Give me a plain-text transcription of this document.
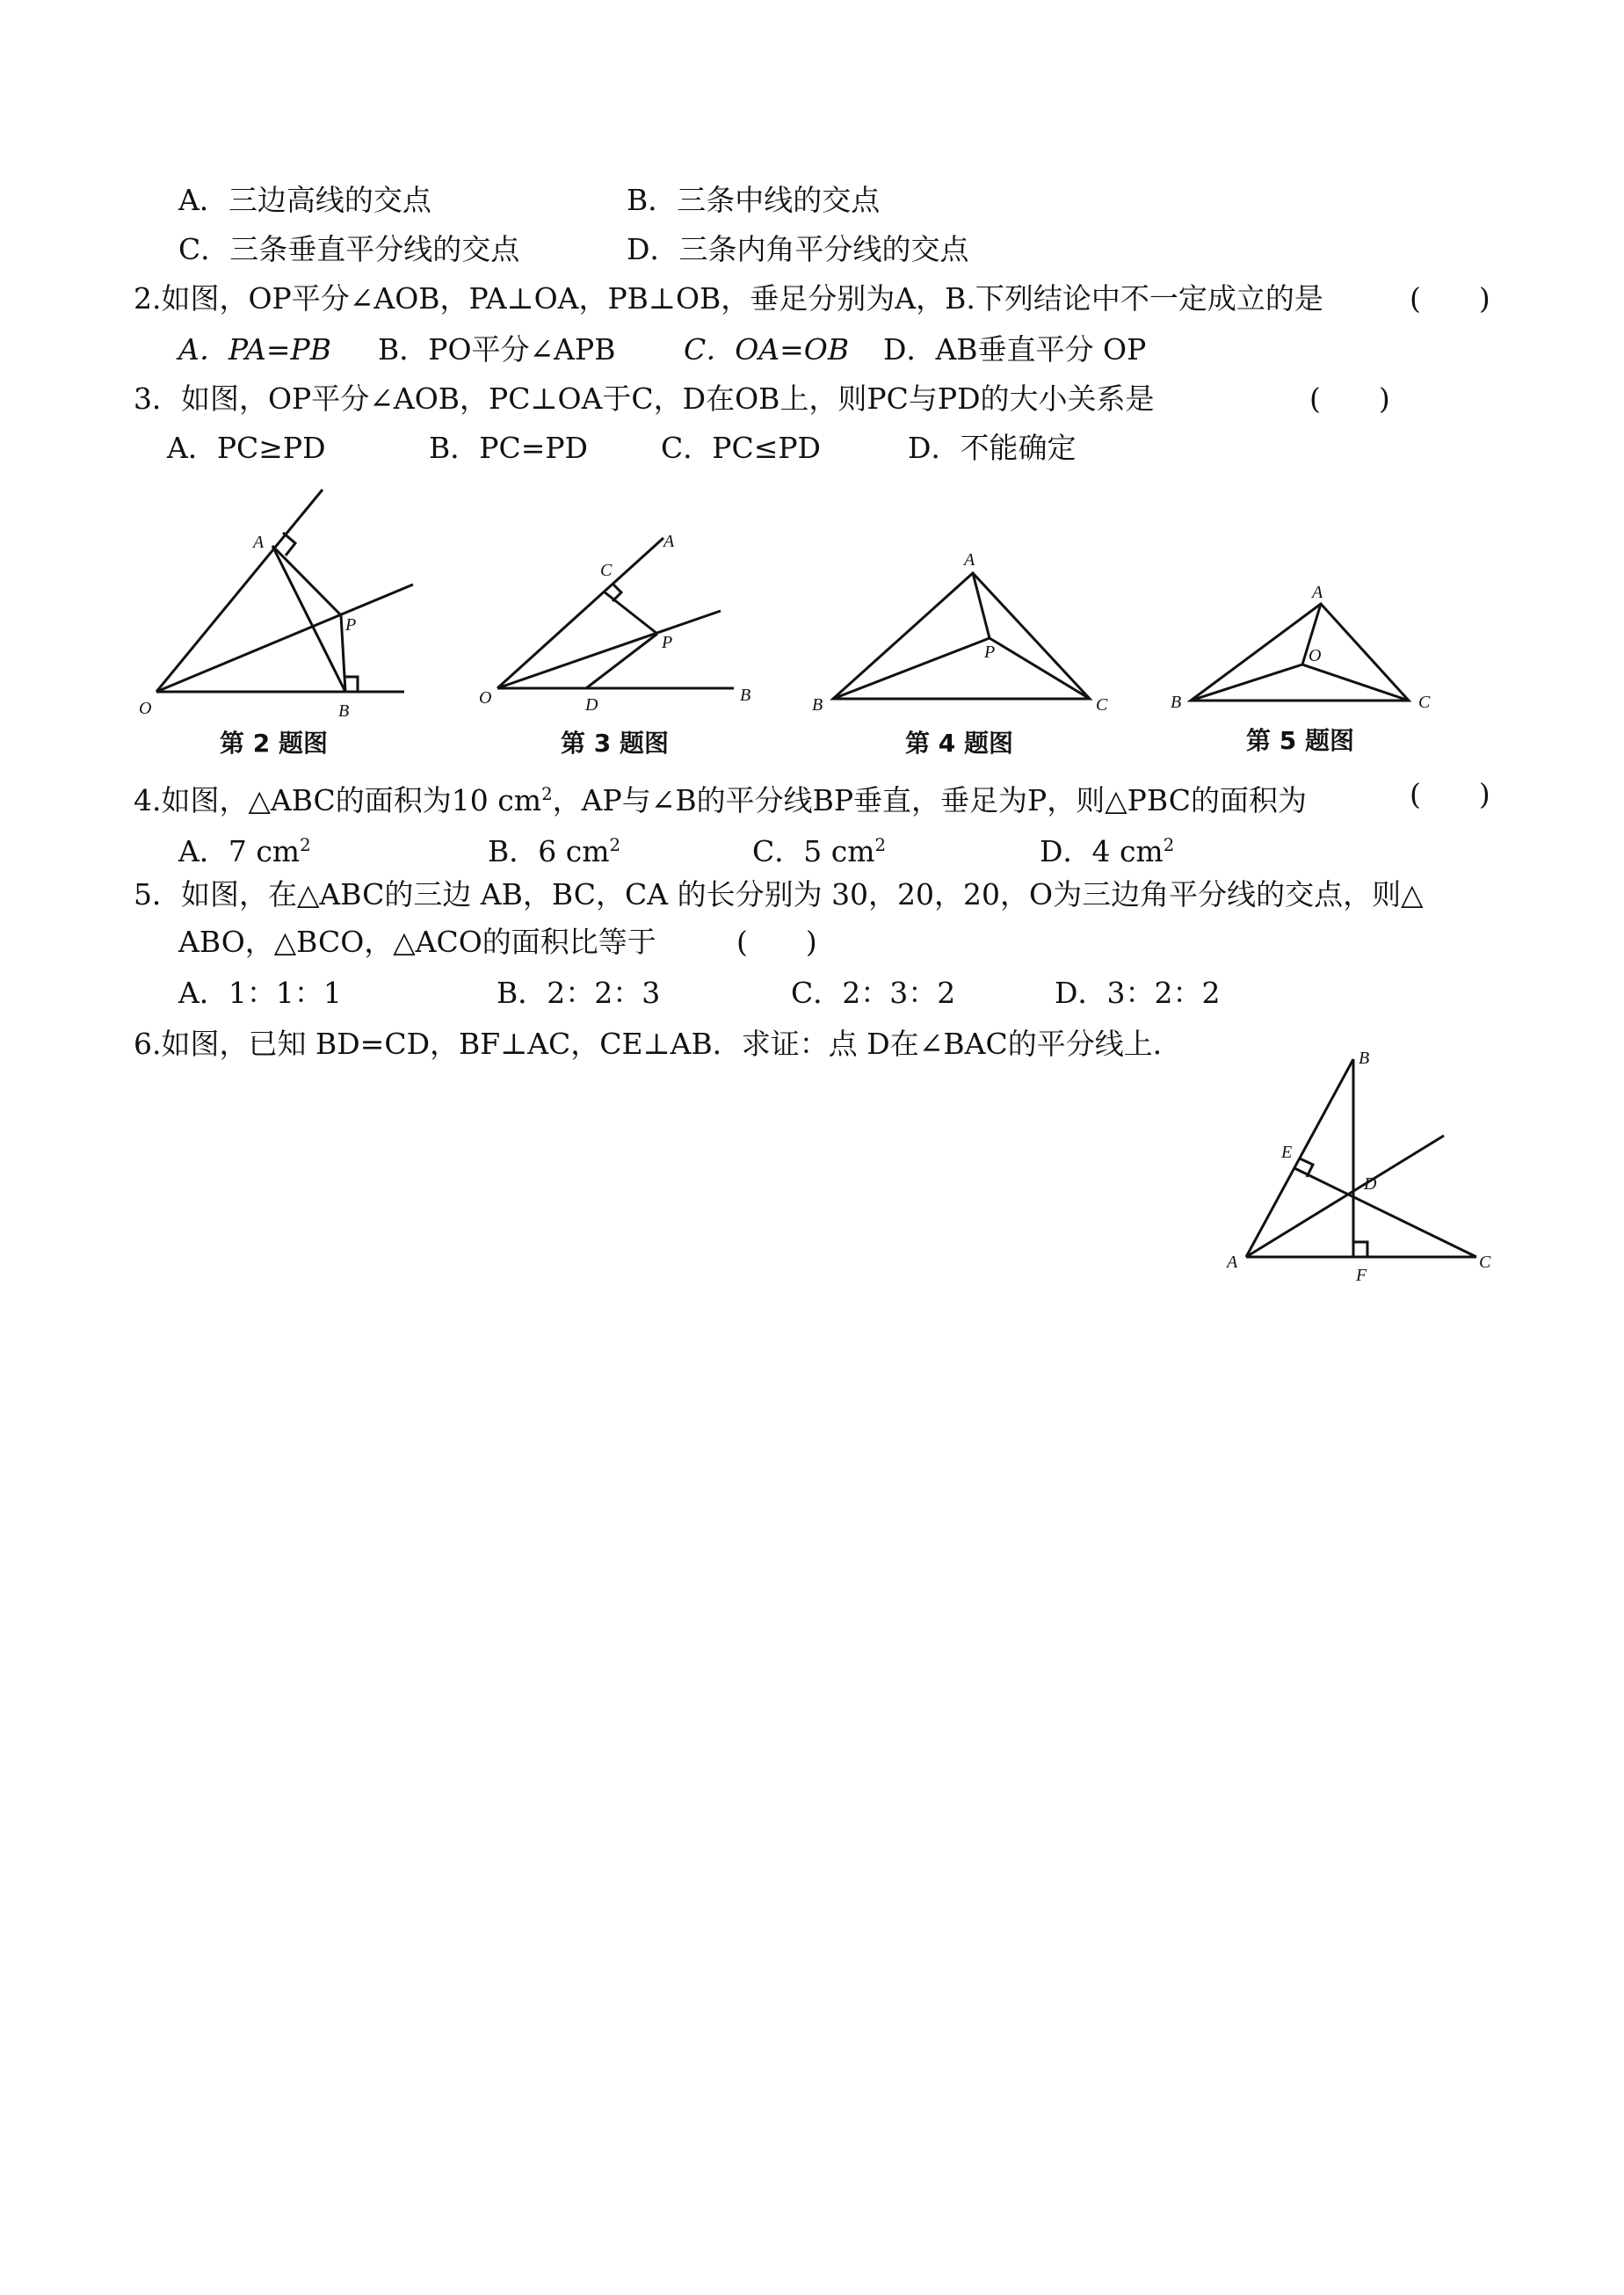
A．三边高线的交点	B．三条中线的交点
C．三条垂直平分线的交点	D．三条内角平分线的交点
2.如图，OP平分∠AOB，PA⊥OA，PB⊥OB，垂足分别为A，B.下列结论中不一定成立的是	(　　)
A．PA=PB B．PO平分∠APB C．OA=OB D．AB垂直平分 OP
3．如图，OP平分∠AOB，PC⊥OA于C，D在OB上，则PC与PD的大小关系是	(　　)
A．PC≥PD	B．PC=PD	C．PC≤PD	D．不能确定
A
P
O	B
第 2 题图
C
A
P
O	D	B
第 3 题图
A
P
B	C
第 4 题图
A
O
B	C
第 5 题图
4.如图，△ABC的面积为10 $cm^2$，AP与∠B的平分线BP垂直，垂足为P，则△PBC的面积为	(　　)
A．7 $cm^2$	B．6 $cm^2$	C．5 $cm^2$	D．4 $cm^2$
5．如图，在△ABC的三边 AB，BC，CA 的长分别为 30，20，20，O为三边角平分线的交点，则△
ABO，△BCO，△ACO的面积比等于	(　　)
A．1：1：1	B．2：2：3	C．2：3：2	D．3：2：2
6.如图，已知 BD=CD，BF⊥AC，CE⊥AB．求证：点 D在∠BAC的平分线上．	B
E
D
A
F
C
